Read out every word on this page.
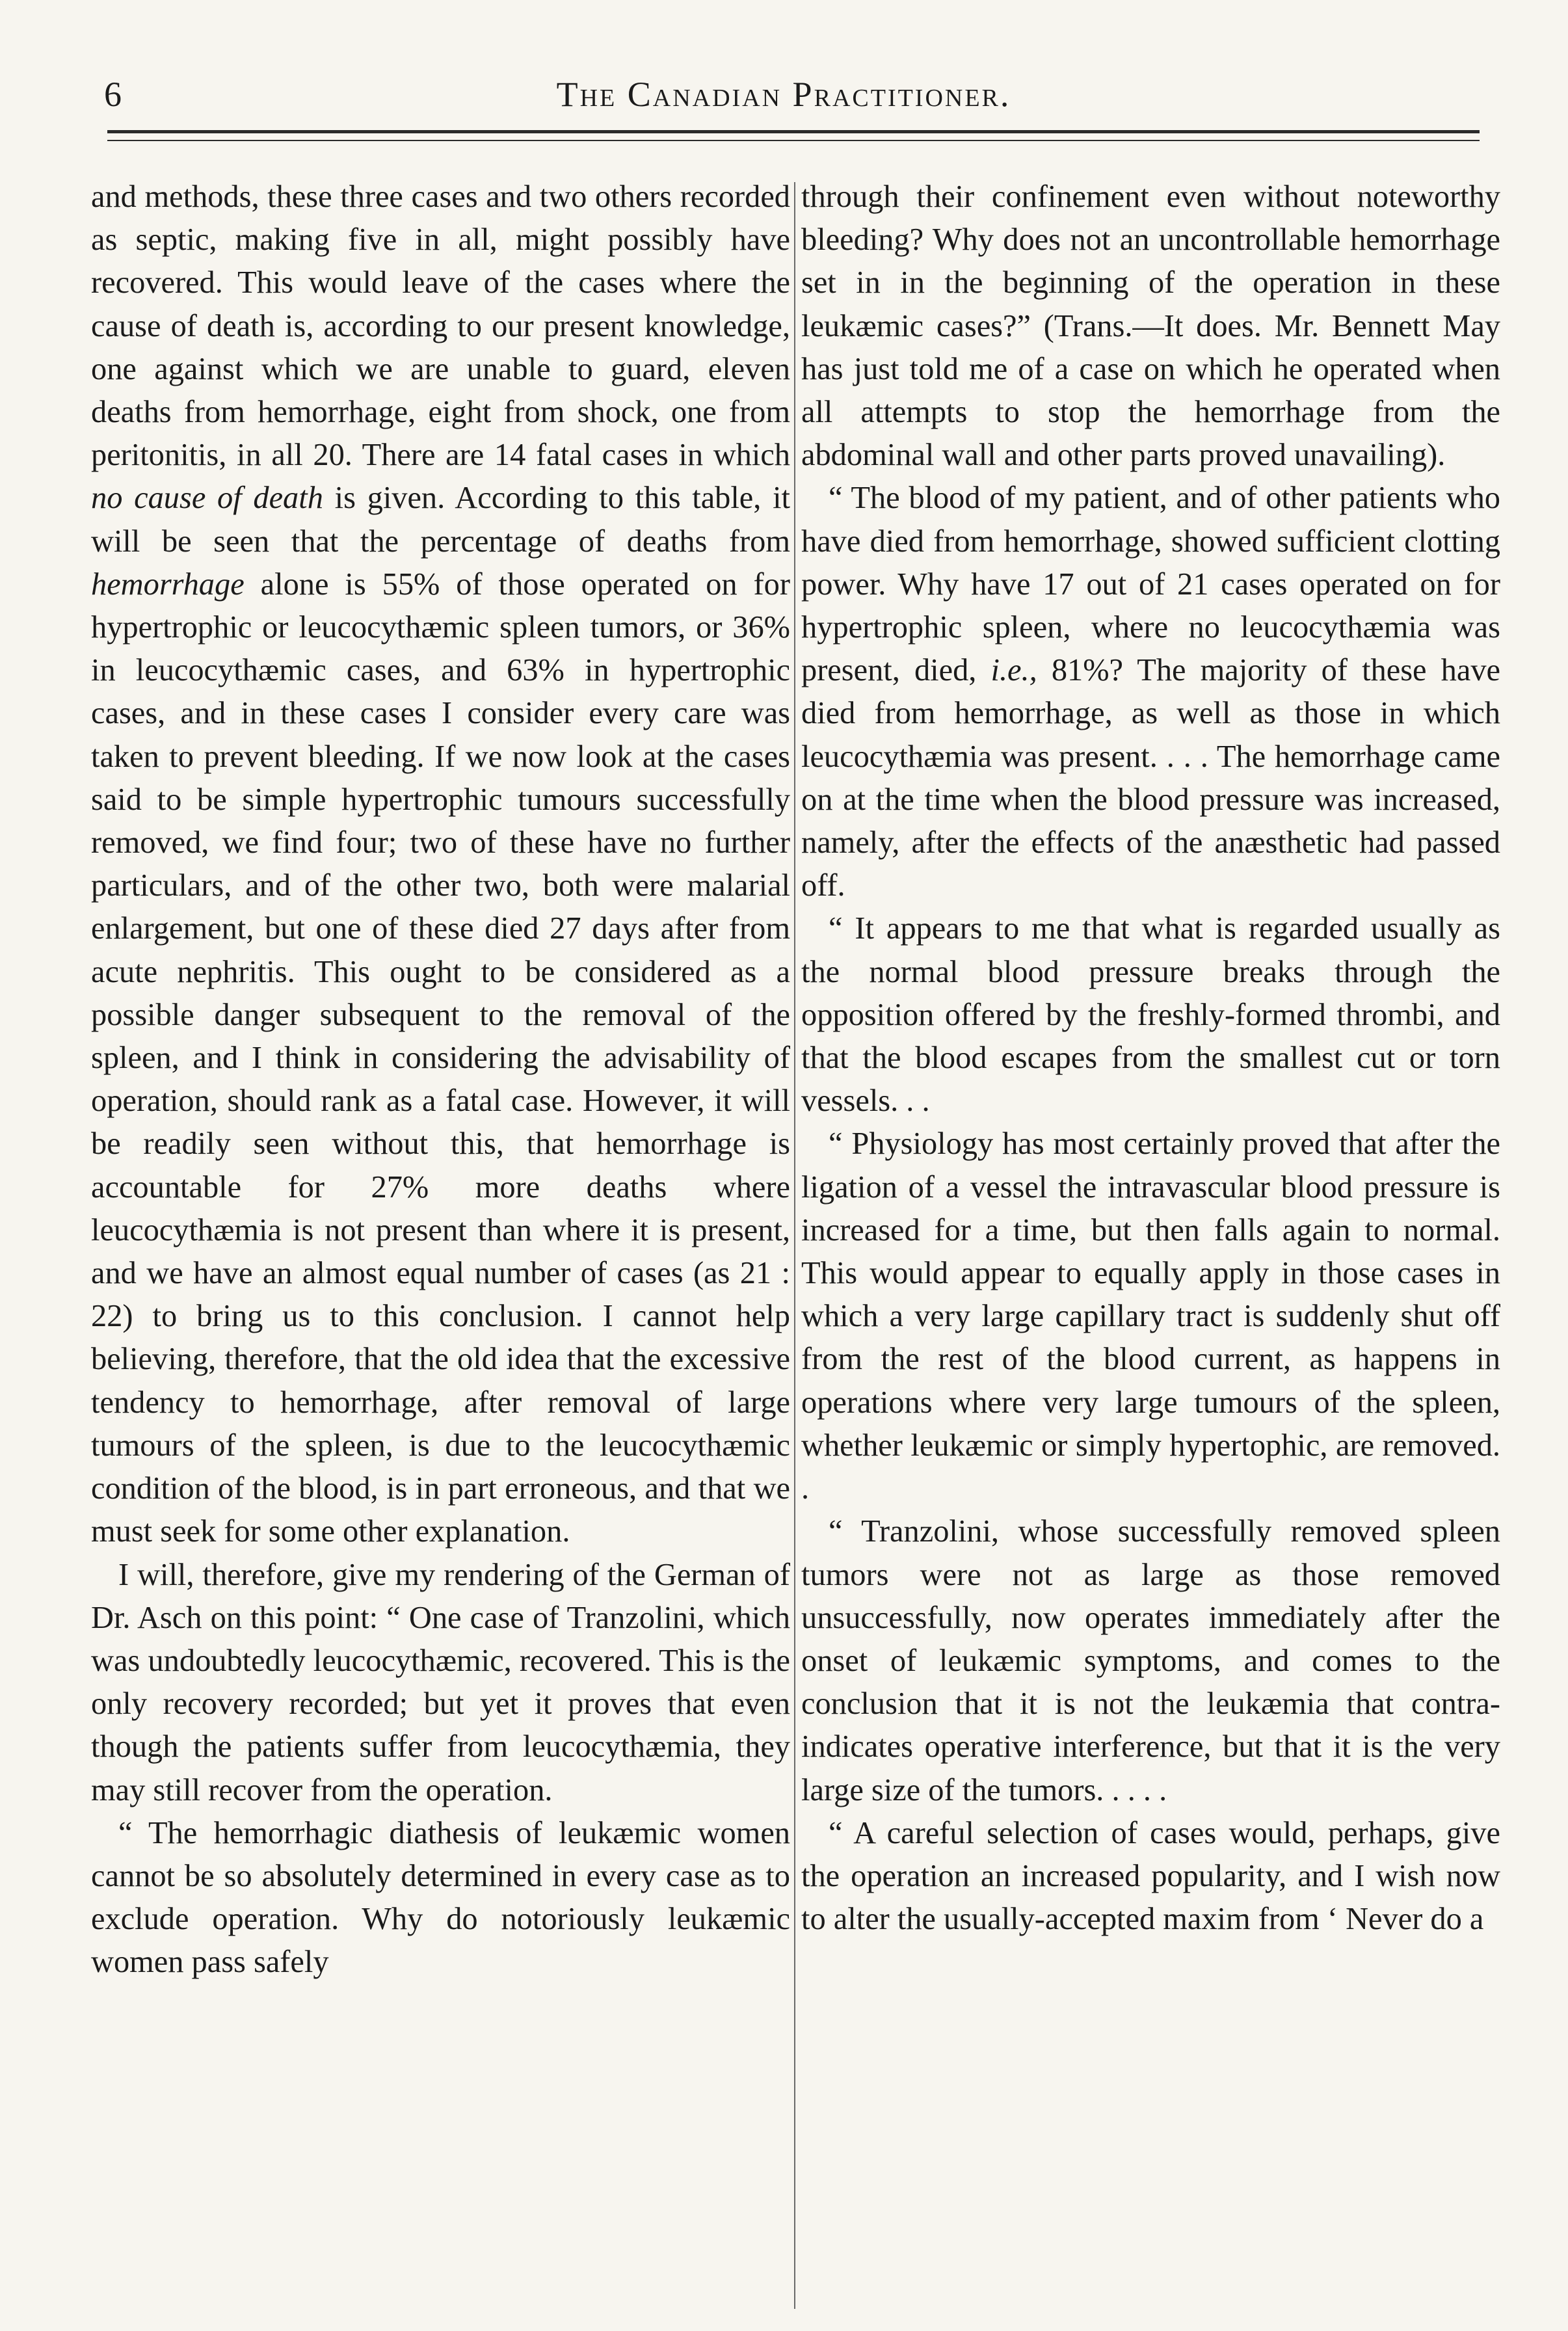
6	The Canadian Practitioner.

and methods, these three cases and two others recorded as septic, making five in all, might possibly have recovered. This would leave of the cases where the cause of death is, according to our present knowledge, one against which we are unable to guard, eleven deaths from hemorrhage, eight from shock, one from peritonitis, in all 20. There are 14 fatal cases in which no cause of death is given. According to this table, it will be seen that the percentage of deaths from hemorrhage alone is 55% of those operated on for hypertrophic or leucocythæmic spleen tumors, or 36% in leucocythæmic cases, and 63% in hypertrophic cases, and in these cases I consider every care was taken to prevent bleeding. If we now look at the cases said to be simple hypertrophic tumours successfully removed, we find four; two of these have no further particulars, and of the other two, both were malarial enlargement, but one of these died 27 days after from acute nephritis. This ought to be considered as a possible danger subsequent to the removal of the spleen, and I think in considering the advisability of operation, should rank as a fatal case. However, it will be readily seen without this, that hemorrhage is accountable for 27% more deaths where leucocythæmia is not present than where it is present, and we have an almost equal number of cases (as 21 : 22) to bring us to this conclusion. I cannot help believing, therefore, that the old idea that the excessive tendency to hemorrhage, after removal of large tumours of the spleen, is due to the leucocythæmic condition of the blood, is in part erroneous, and that we must seek for some other explanation.

I will, therefore, give my rendering of the German of Dr. Asch on this point: “ One case of Tranzolini, which was undoubtedly leucocythæmic, recovered. This is the only recovery recorded; but yet it proves that even though the patients suffer from leucocythæmia, they may still recover from the operation.

“ The hemorrhagic diathesis of leukæmic women cannot be so absolutely determined in every case as to exclude operation. Why do notoriously leukæmic women pass safely

through their confinement even without noteworthy bleeding? Why does not an uncontrollable hemorrhage set in in the beginning of the operation in these leukæmic cases?” (Trans.—It does. Mr. Bennett May has just told me of a case on which he operated when all attempts to stop the hemorrhage from the abdominal wall and other parts proved unavailing).

“ The blood of my patient, and of other patients who have died from hemorrhage, showed sufficient clotting power. Why have 17 out of 21 cases operated on for hypertrophic spleen, where no leucocythæmia was present, died, i.e., 81%? The majority of these have died from hemorrhage, as well as those in which leucocythæmia was present. . . . The hemorrhage came on at the time when the blood pressure was increased, namely, after the effects of the anæsthetic had passed off.

“ It appears to me that what is regarded usually as the normal blood pressure breaks through the opposition offered by the freshly-formed thrombi, and that the blood escapes from the smallest cut or torn vessels. . .

“ Physiology has most certainly proved that after the ligation of a vessel the intravascular blood pressure is increased for a time, but then falls again to normal. This would appear to equally apply in those cases in which a very large capillary tract is suddenly shut off from the rest of the blood current, as happens in operations where very large tumours of the spleen, whether leukæmic or simply hypertophic, are removed. .

“ Tranzolini, whose successfully removed spleen tumors were not as large as those removed unsuccessfully, now operates immediately after the onset of leukæmic symptoms, and comes to the conclusion that it is not the leukæmia that contra-indicates operative interference, but that it is the very large size of the tumors. . . . .

“ A careful selection of cases would, perhaps, give the operation an increased popularity, and I wish now to alter the usually-accepted maxim from ‘ Never do a
